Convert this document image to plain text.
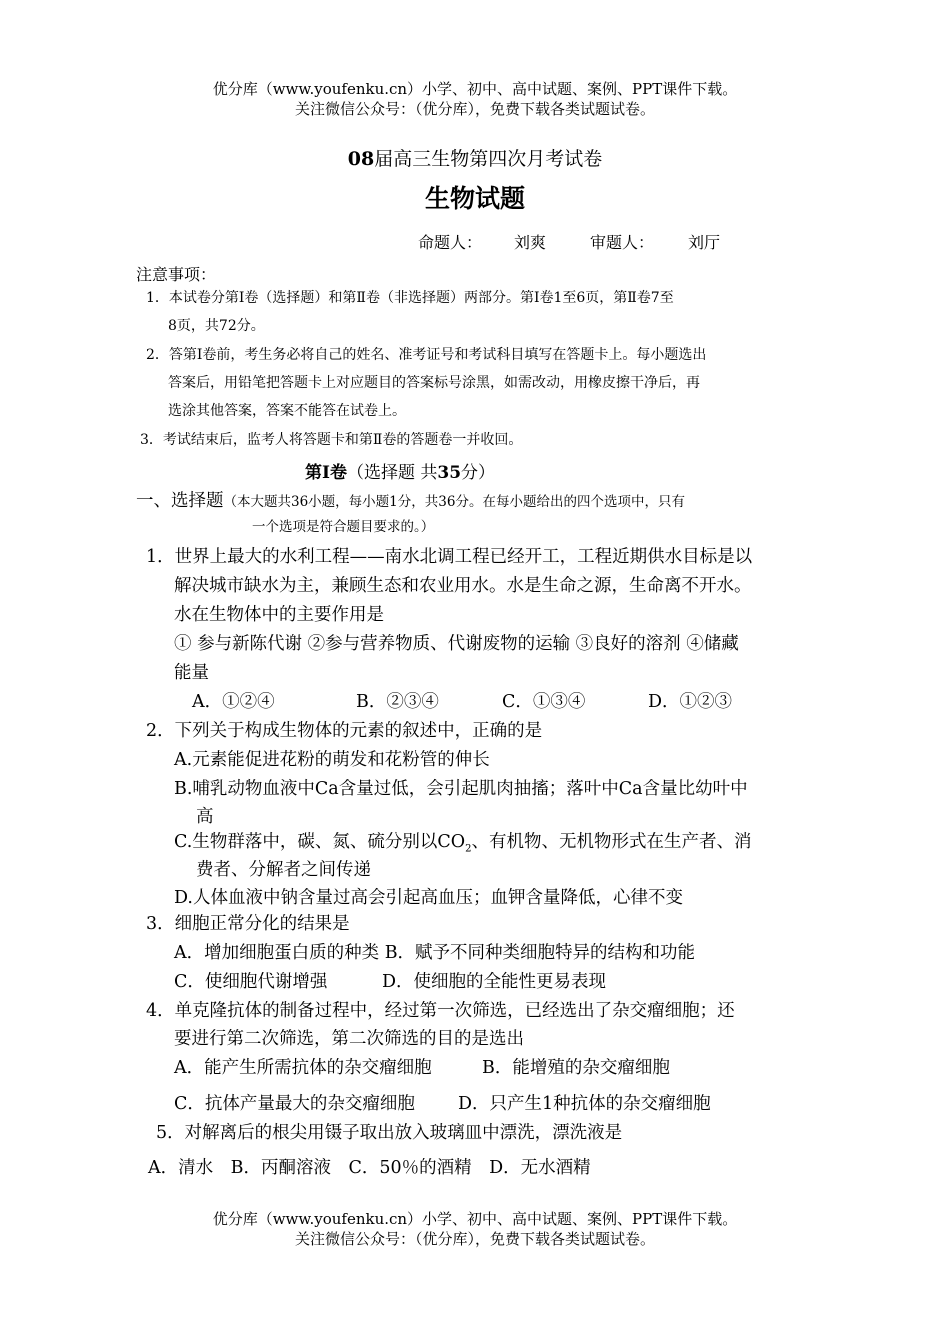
优分库（www.youfenku.cn）小学、初中、高中试题、案例、PPT课件下载。
关注微信公众号：（优分库），免费下载各类试题试卷。
08届高三生物第四次月考试卷
生物试题
命题人： 刘爽	审题人： 刘厅
注意事项：
1．本试卷分第Ⅰ卷（选择题）和第Ⅱ卷（非选择题）两部分。第Ⅰ卷1至6页，第Ⅱ卷7至
8页，共72分。
2．答第Ⅰ卷前，考生务必将自己的姓名、准考证号和考试科目填写在答题卡上。每小题选出
答案后，用铅笔把答题卡上对应题目的答案标号涂黑，如需改动，用橡皮擦干净后，再
选涂其他答案，答案不能答在试卷上。
3．考试结束后，监考人将答题卡和第Ⅱ卷的答题卷一并收回。
第Ⅰ卷（选择题 共35分）
一、选择题（本大题共36小题，每小题1分，共36分。在每小题给出的四个选项中，只有
一个选项是符合题目要求的。）
1．世界上最大的水利工程——南水北调工程已经开工，工程近期供水目标是以
解决城市缺水为主，兼顾生态和农业用水。水是生命之源，生命离不开水。
水在生物体中的主要作用是
① 参与新陈代谢 ②参与营养物质、代谢废物的运输 ③良好的溶剂 ④储藏
能量
A．①②④	B．②③④	C．①③④	D．①②③
2．下列关于构成生物体的元素的叙述中，正确的是
A.元素能促进花粉的萌发和花粉管的伸长
B.哺乳动物血液中Ca含量过低，会引起肌肉抽搐；落叶中Ca含量比幼叶中
高
C.生物群落中，碳、氮、硫分别以$CO_2$、有机物、无机物形式在生产者、消
费者、分解者之间传递
D.人体血液中钠含量过高会引起高血压；血钾含量降低，心律不变
3．细胞正常分化的结果是
A．增加细胞蛋白质的种类 B．赋予不同种类细胞特异的结构和功能
C．使细胞代谢增强	D．使细胞的全能性更易表现
4．单克隆抗体的制备过程中，经过第一次筛选，已经选出了杂交瘤细胞；还
要进行第二次筛选，第二次筛选的目的是选出
A．能产生所需抗体的杂交瘤细胞	B．能增殖的杂交瘤细胞
C．抗体产量最大的杂交瘤细胞 D．只产生1种抗体的杂交瘤细胞
5．对解离后的根尖用镊子取出放入玻璃皿中漂洗，漂洗液是
A．清水　B．丙酮溶液　C．50％的酒精　D．无水酒精
优分库（www.youfenku.cn）小学、初中、高中试题、案例、PPT课件下载。
关注微信公众号：（优分库），免费下载各类试题试卷。
